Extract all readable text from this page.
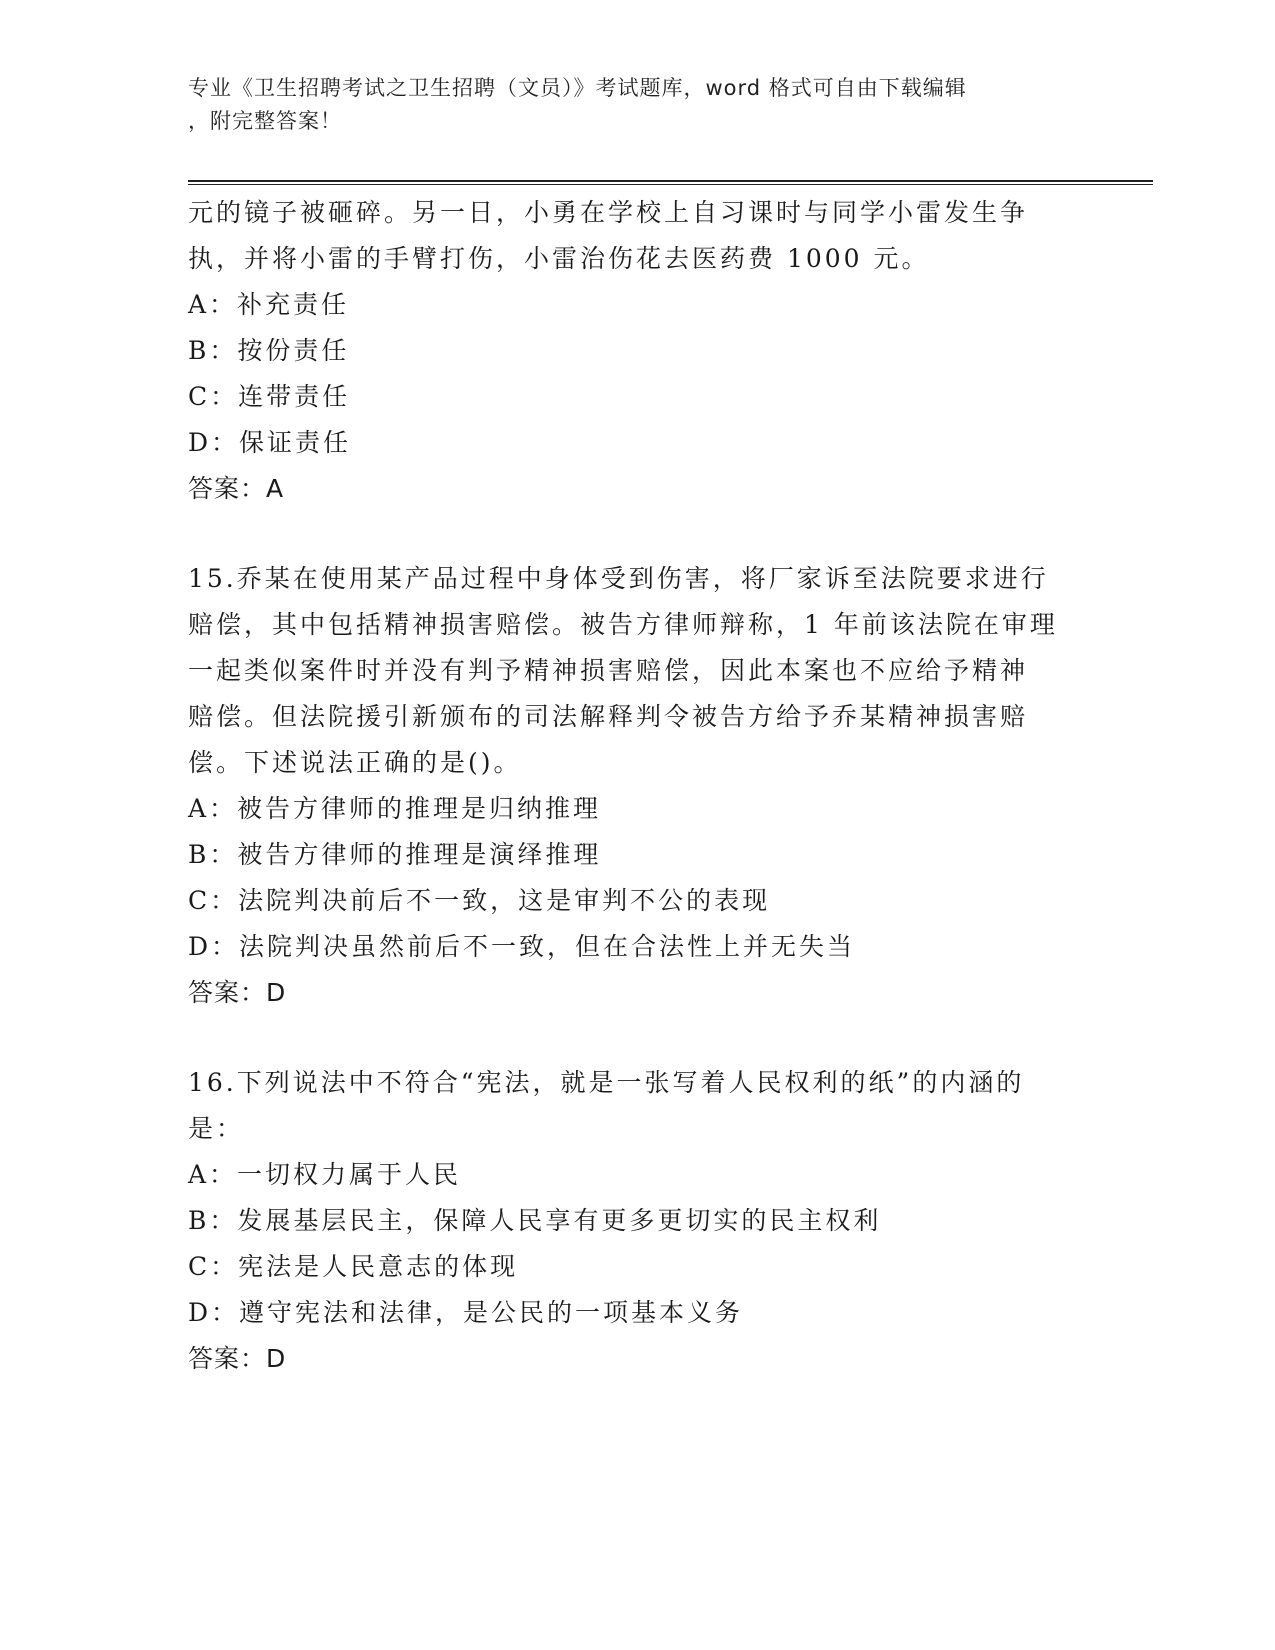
专业《卫生招聘考试之卫生招聘（文员）》考试题库，word 格式可自由下载编辑
，附完整答案！
元的镜子被砸碎。另一日，小勇在学校上自习课时与同学小雷发生争
执，并将小雷的手臂打伤，小雷治伤花去医药费 1000 元。
A：补充责任
B：按份责任
C：连带责任
D：保证责任
答案：A
15.乔某在使用某产品过程中身体受到伤害，将厂家诉至法院要求进行
赔偿，其中包括精神损害赔偿。被告方律师辩称，1 年前该法院在审理
一起类似案件时并没有判予精神损害赔偿，因此本案也不应给予精神
赔偿。但法院援引新颁布的司法解释判令被告方给予乔某精神损害赔
偿。下述说法正确的是()。
A：被告方律师的推理是归纳推理
B：被告方律师的推理是演绎推理
C：法院判决前后不一致，这是审判不公的表现
D：法院判决虽然前后不一致，但在合法性上并无失当
答案：D
16.下列说法中不符合“宪法，就是一张写着人民权利的纸”的内涵的
是：
A：一切权力属于人民
B：发展基层民主，保障人民享有更多更切实的民主权利
C：宪法是人民意志的体现
D：遵守宪法和法律，是公民的一项基本义务
答案：D
